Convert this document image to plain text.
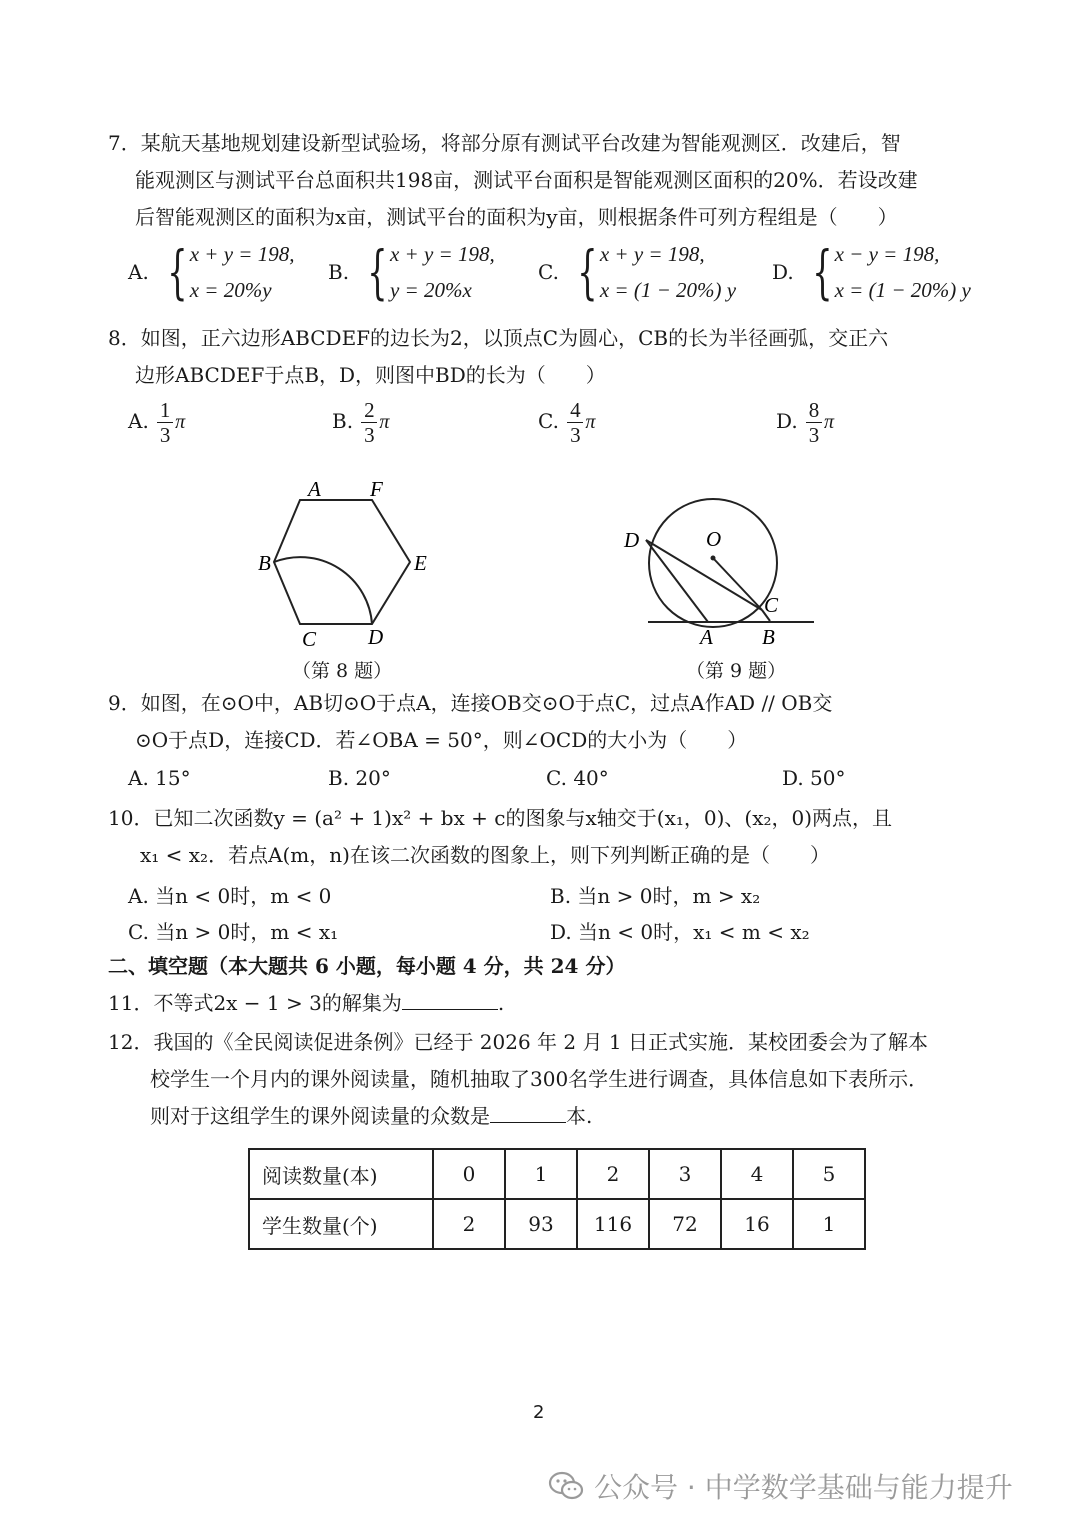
7．某航天基地规划建设新型试验场，将部分原有测试平台改建为智能观测区．改建后，智
能观测区与测试平台总面积共198亩，测试平台面积是智能观测区面积的20%．若设改建
后智能观测区的面积为x亩，测试平台的面积为y亩，则根据条件可列方程组是（　　）
A. { x + y = 198,
x = 20%y
B. { x + y = 198,
y = 20%x
C. { x + y = 198,
x = (1 − 20%) y
D. { x − y = 198,
x = (1 − 20%) y
8．如图，正六边形ABCDEF的边长为2，以顶点C为圆心，CB的长为半径画弧，交正六
边形ABCDEF于点B，D，则图中BD的长为（　　）
A. $\frac{1}{3}$ π	B. $\frac{2}{3}$ π	C. $\frac{4}{3}$ π	D. $\frac{8}{3}$ π
A F
B	E
C D
（第 8 题）
D	O
C
A B
（第 9 题）
9．如图，在⊙O中，AB切⊙O于点A，连接OB交⊙O于点C，过点A作AD // OB交
⊙O于点D，连接CD．若∠OBA = 50°，则∠OCD的大小为（　　）
A. 15°	B. 20°	C. 40°	D. 50°
10．已知二次函数y = (a² + 1)x² + bx + c的图象与x轴交于(x₁，0)、(x₂，0)两点，且
x₁ < x₂．若点A(m，n)在该二次函数的图象上，则下列判断正确的是（　　）
A. 当n < 0时，m < 0	B. 当n > 0时，m > x₂
C. 当n > 0时，m < x₁	D. 当n < 0时，x₁ < m < x₂
二、填空题（本大题共 6 小题，每小题 4 分，共 24 分）
11．不等式2x − 1 > 3的解集为	.
12．我国的《全民阅读促进条例》已经于 2026 年 2 月 1 日正式实施．某校团委会为了解本
校学生一个月内的课外阅读量，随机抽取了300名学生进行调查，具体信息如下表所示．
则对于这组学生的课外阅读量的众数是	本.
阅读数量(本)	0	1	2	3	4	5
学生数量(个)	2	93	116	72	16	1
2
公众号 · 中学数学基础与能力提升
